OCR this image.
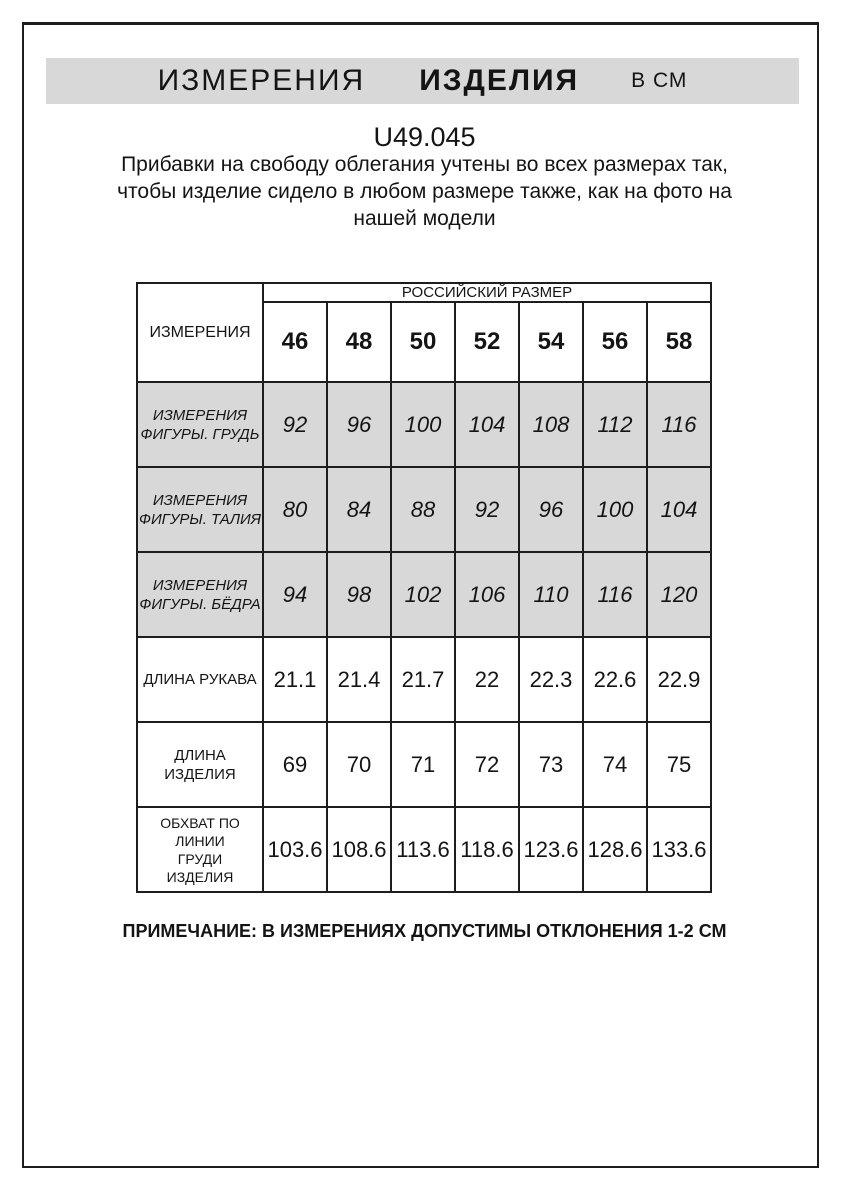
ИЗМЕРЕНИЯ ИЗДЕЛИЯ В СМ
U49.045
Прибавки на свободу облегания учтены во всех размерах так,
чтобы изделие сидело в любом размере также, как на фото на
нашей модели
ИЗМЕРЕНИЯ	РОССИЙСКИЙ РАЗМЕР						
	46	48	50	52	54	56	58

ИЗМЕРЕНИЯ ФИГУРЫ. ГРУДЬ	92	96	100	104	108	112	116

ИЗМЕРЕНИЯ ФИГУРЫ. ТАЛИЯ	80	84	88	92	96	100	104

ИЗМЕРЕНИЯ ФИГУРЫ. БЁДРА	94	98	102	106	110	116	120

ДЛИНА РУКАВА	21.1	21.4	21.7	22	22.3	22.6	22.9

ДЛИНА ИЗДЕЛИЯ	69	70	71	72	73	74	75

ОБХВАТ ПО ЛИНИИ ГРУДИ ИЗДЕЛИЯ	103.6	108.6	113.6	118.6	123.6	128.6	133.6
ПРИМЕЧАНИЕ: В ИЗМЕРЕНИЯХ ДОПУСТИМЫ ОТКЛОНЕНИЯ 1-2 СМ
